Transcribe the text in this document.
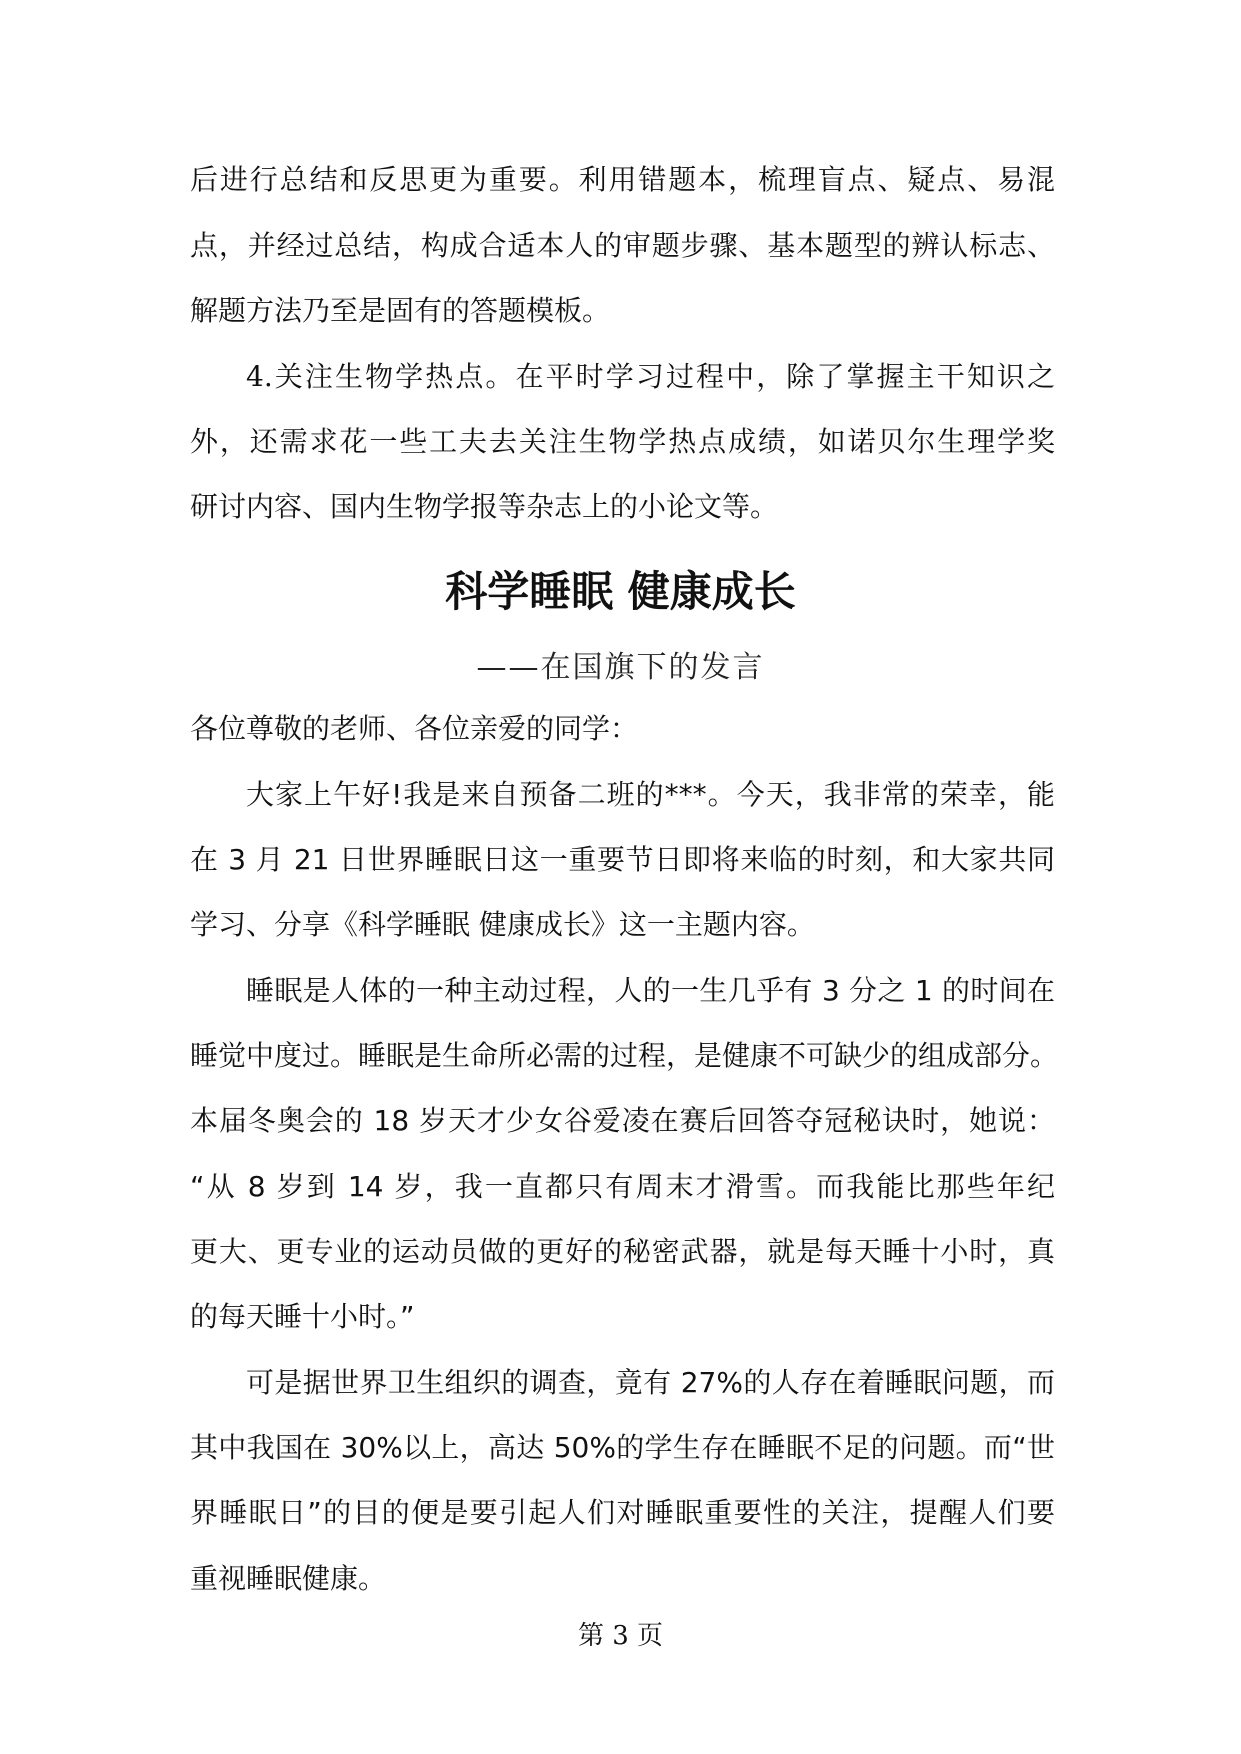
后进行总结和反思更为重要。利用错题本，梳理盲点、疑点、易混
点，并经过总结，构成合适本人的审题步骤、基本题型的辨认标志、
解题方法乃至是固有的答题模板。
4.关注生物学热点。在平时学习过程中，除了掌握主干知识之
外，还需求花一些工夫去关注生物学热点成绩，如诺贝尔生理学奖
研讨内容、国内生物学报等杂志上的小论文等。
科学睡眠 健康成长
——在国旗下的发言
各位尊敬的老师、各位亲爱的同学：
大家上午好!我是来自预备二班的***。今天，我非常的荣幸，能
在 3 月 21 日世界睡眠日这一重要节日即将来临的时刻，和大家共同
学习、分享《科学睡眠 健康成长》这一主题内容。
睡眠是人体的一种主动过程，人的一生几乎有 3 分之 1 的时间在
睡觉中度过。睡眠是生命所必需的过程，是健康不可缺少的组成部分。
本届冬奥会的 18 岁天才少女谷爱凌在赛后回答夺冠秘诀时，她说：
“从 8 岁到 14 岁，我一直都只有周末才滑雪。而我能比那些年纪
更大、更专业的运动员做的更好的秘密武器，就是每天睡十小时，真
的每天睡十小时。”
可是据世界卫生组织的调查，竟有 27%的人存在着睡眠问题，而
其中我国在 30%以上，高达 50%的学生存在睡眠不足的问题。而“世
界睡眠日”的目的便是要引起人们对睡眠重要性的关注，提醒人们要
重视睡眠健康。
第 3 页
